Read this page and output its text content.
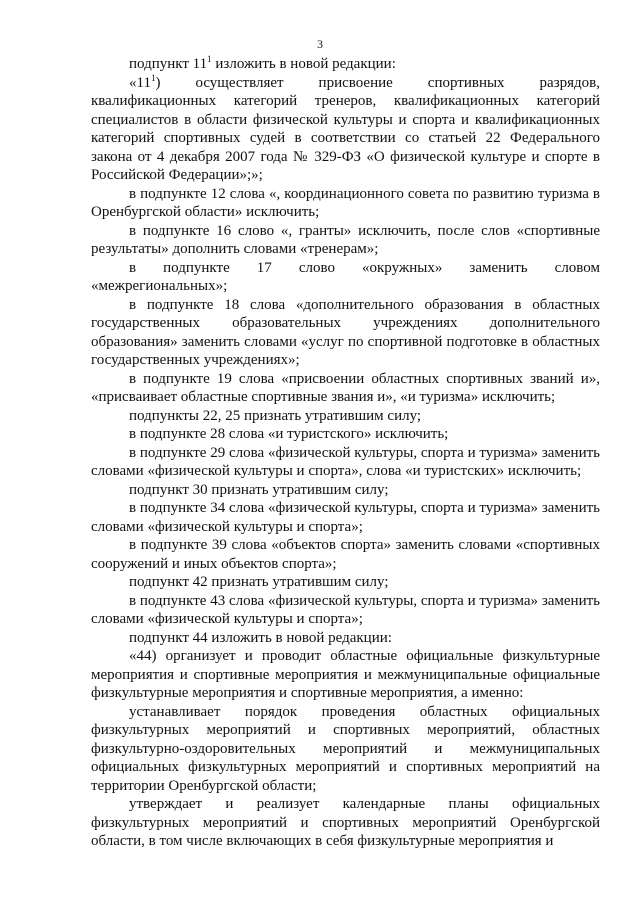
3

подпункт $11^1$ изложить в новой редакции:

«$11^1$) осуществляет присвоение спортивных разрядов, квалификационных категорий тренеров, квалификационных категорий специалистов в области физической культуры и спорта и квалификационных категорий спортивных судей в соответствии со статьей 22 Федерального закона от 4 декабря 2007 года № 329-ФЗ «О физической культуре и спорте в Российской Федерации»;»;

в подпункте 12 слова «, координационного совета по развитию туризма в Оренбургской области» исключить;

в подпункте 16 слово «, гранты» исключить, после слов «спортивные результаты» дополнить словами «тренерам»;

в подпункте 17 слово «окружных» заменить словом «межрегиональных»;

в подпункте 18 слова «дополнительного образования в областных государственных образовательных учреждениях дополнительного образования» заменить словами «услуг по спортивной подготовке в областных государственных учреждениях»;

в подпункте 19 слова «присвоении областных спортивных званий и», «присваивает областные спортивные звания и», «и туризма» исключить;

подпункты 22, 25 признать утратившим силу;

в подпункте 28 слова «и туристского» исключить;

в подпункте 29 слова «физической культуры, спорта и туризма» заменить словами «физической культуры и спорта», слова «и туристских» исключить;

подпункт 30 признать утратившим силу;

в подпункте 34 слова «физической культуры, спорта и туризма» заменить словами «физической культуры и спорта»;

в подпункте 39 слова «объектов спорта» заменить словами «спортивных сооружений и иных объектов спорта»;

подпункт 42 признать утратившим силу;

в подпункте 43 слова «физической культуры, спорта и туризма» заменить словами «физической культуры и спорта»;

подпункт 44 изложить в новой редакции:

«44) организует и проводит областные официальные физкультурные мероприятия и спортивные мероприятия и межмуниципальные официальные физкультурные мероприятия и спортивные мероприятия, а именно:

устанавливает порядок проведения областных официальных физкультурных мероприятий и спортивных мероприятий, областных физкультурно-оздоровительных мероприятий и межмуниципальных официальных физкультурных мероприятий и спортивных мероприятий на территории Оренбургской области;

утверждает и реализует календарные планы официальных физкультурных мероприятий и спортивных мероприятий Оренбургской области, в том числе включающих в себя физкультурные мероприятия и
